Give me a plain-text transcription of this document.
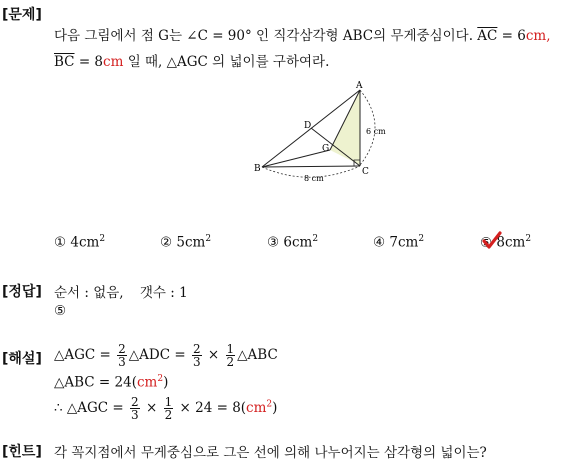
[문제]
[정답]
[해설]
[힌트]
다음 그림에서 점 G는 ∠C = 90° 인 직각삼각형 ABC의 무게중심이다. $\overline{AC} = 6cm$,
$\overline{BC} = 8cm$ 일 때, △AGC 의 넓이를 구하여라.
A
B	C
D
G
6 cm
8 cm
① $4cm^2$	② $5cm^2$	③ $6cm^2$	④ $7cm^2$	⑤ $8cm^2$
순서 : 없음, 갯수 : 1
⑤
△AGC = $\frac{2}{3}$ △ADC = $\frac{2}{3} \times \frac{1}{2}$ △ABC
△ABC = $24(cm^2)$
∴ △AGC = $\frac{2}{3} \times \frac{1}{2} \times 24 = 8(cm^2)$
각 꼭지점에서 무게중심으로 그은 선에 의해 나누어지는 삼각형의 넓이는?
